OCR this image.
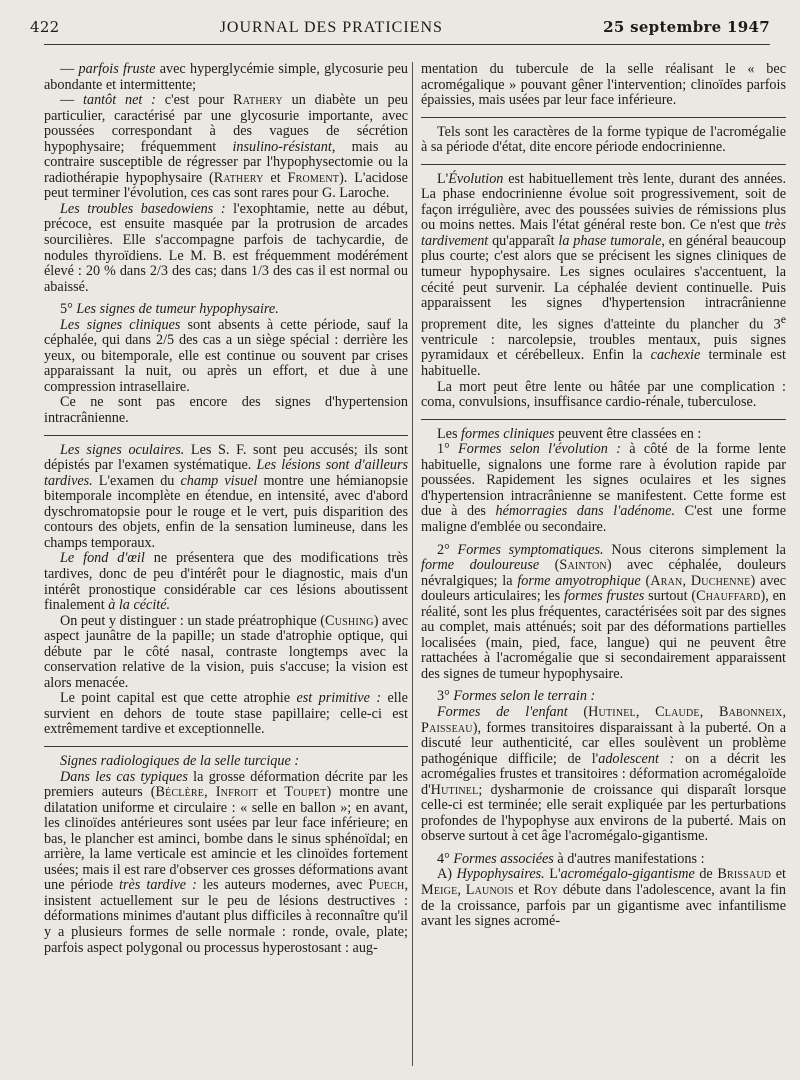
422	JOURNAL DES PRATICIENS	25 septembre 1947

— parfois fruste avec hyperglycémie simple, glycosurie peu abondante et intermittente;

— tantôt net : c'est pour Rathery un diabète un peu particulier, caractérisé par une glycosurie importante, avec poussées correspondant à des vagues de sécrétion hypophysaire; fréquemment insulino-résistant, mais au contraire susceptible de régresser par l'hypophysectomie ou la radiothérapie hypophysaire (Rathery et Froment). L'acidose peut terminer l'évolution, ces cas sont rares pour G. Laroche.

Les troubles basedowiens : l'exophtamie, nette au début, précoce, est ensuite masquée par la protrusion de arcades sourcilières. Elle s'accompagne parfois de tachycardie, de nodules thyroïdiens. Le M. B. est fréquemment modérément élevé : 20 % dans 2/3 des cas; dans 1/3 des cas il est normal ou abaissé.

5° Les signes de tumeur hypophysaire.

Les signes cliniques sont absents à cette période, sauf la céphalée, qui dans 2/5 des cas a un siège spécial : derrière les yeux, ou bitemporale, elle est continue ou souvent par crises apparaissant la nuit, ou après un effort, et due à une compression intrasellaire.

Ce ne sont pas encore des signes d'hypertension intracrânienne.

Les signes oculaires. Les S. F. sont peu accusés; ils sont dépistés par l'examen systématique. Les lésions sont d'ailleurs tardives. L'examen du champ visuel montre une hémianopsie bitemporale incomplète en étendue, en intensité, avec d'abord dyschromatopsie pour le rouge et le vert, puis disparition des contours des objets, enfin de la sensation lumineuse, dans les champs temporaux.

Le fond d'œil ne présentera que des modifications très tardives, donc de peu d'intérêt pour le diagnostic, mais d'un intérêt pronostique considérable car ces lésions aboutissent finalement à la cécité.

On peut y distinguer : un stade préatrophique (Cushing) avec aspect jaunâtre de la papille; un stade d'atrophie optique, qui débute par le côté nasal, contraste longtemps avec la conservation relative de la vision, puis s'accuse; la vision est alors menacée.

Le point capital est que cette atrophie est primitive : elle survient en dehors de toute stase papillaire; celle-ci est extrêmement tardive et exceptionnelle.

Signes radiologiques de la selle turcique :

Dans les cas typiques la grosse déformation décrite par les premiers auteurs (Béclère, Infroit et Toupet) montre une dilatation uniforme et circulaire : « selle en ballon »; en avant, les clinoïdes antérieures sont usées par leur face inférieure; en bas, le plancher est aminci, bombe dans le sinus sphénoïdal; en arrière, la lame verticale est amincie et les clinoïdes fortement usées; mais il est rare d'observer ces grosses déformations avant une période très tardive : les auteurs modernes, avec Puech, insistent actuellement sur le peu de lésions destructives : déformations minimes d'autant plus difficiles à reconnaître qu'il y a plusieurs formes de selle normale : ronde, ovale, plate; parfois aspect polygonal ou processus hyperostosant : aug-

mentation du tubercule de la selle réalisant le « bec acromégalique » pouvant gêner l'intervention; clinoïdes parfois épaissies, mais usées par leur face inférieure.

Tels sont les caractères de la forme typique de l'acromégalie à sa période d'état, dite encore période endocrinienne.

L'Évolution est habituellement très lente, durant des années. La phase endocrinienne évolue soit progressivement, soit de façon irrégulière, avec des poussées suivies de rémissions plus ou moins nettes. Mais l'état général reste bon. Ce n'est que très tardivement qu'apparaît la phase tumorale, en général beaucoup plus courte; c'est alors que se précisent les signes cliniques de tumeur hypophysaire. Les signes oculaires s'accentuent, la cécité peut survenir. La céphalée devient continuelle. Puis apparaissent les signes d'hypertension intracrânienne proprement dite, les signes d'atteinte du plancher du 3e ventricule : narcolepsie, troubles mentaux, puis signes pyramidaux et cérébelleux. Enfin la cachexie terminale est habituelle.

La mort peut être lente ou hâtée par une complication : coma, convulsions, insuffisance cardio-rénale, tuberculose.

Les formes cliniques peuvent être classées en :

1° Formes selon l'évolution : à côté de la forme lente habituelle, signalons une forme rare à évolution rapide par poussées. Rapidement les signes oculaires et les signes d'hypertension intracrânienne se manifestent. Cette forme est due à des hémorragies dans l'adénome. C'est une forme maligne d'emblée ou secondaire.

2° Formes symptomatiques. Nous citerons simplement la forme douloureuse (Sainton) avec céphalée, douleurs névralgiques; la forme amyotrophique (Aran, Duchenne) avec douleurs articulaires; les formes frustes surtout (Chauffard), en réalité, sont les plus fréquentes, caractérisées soit par des signes au complet, mais atténués; soit par des déformations partielles localisées (main, pied, face, langue) qui ne peuvent être rattachées à l'acromégalie que si secondairement apparaissent des signes de tumeur hypophysaire.

3° Formes selon le terrain :

Formes de l'enfant (Hutinel, Claude, Babonneix, Paisseau), formes transitoires disparaissant à la puberté. On a discuté leur authenticité, car elles soulèvent un problème pathogénique difficile; de l'adolescent : on a décrit les acromégalies frustes et transitoires : déformation acromégaloïde d'Hutinel; dysharmonie de croissance qui disparaît lorsque celle-ci est terminée; elle serait expliquée par les perturbations profondes de l'hypophyse aux environs de la puberté. Mais on observe surtout à cet âge l'acromégalo-gigantisme.

4° Formes associées à d'autres manifestations :

A) Hypophysaires. L'acromégalo-gigantisme de Brissaud et Meige, Launois et Roy débute dans l'adolescence, avant la fin de la croissance, parfois par un gigantisme avec infantilisme avant les signes acromé-
